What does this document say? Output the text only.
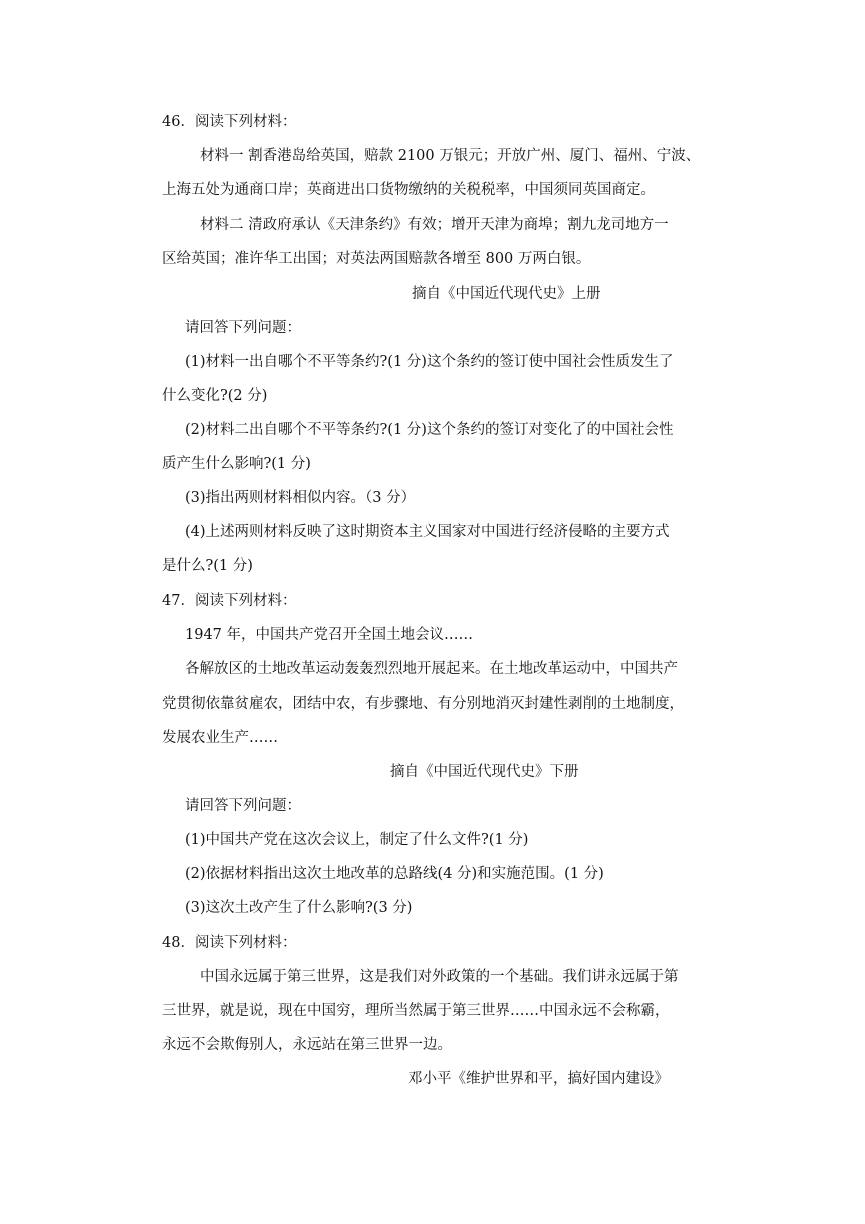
46．阅读下列材料：
材料一 割香港岛给英国，赔款 2100 万银元；开放广州、厦门、福州、宁波、
上海五处为通商口岸；英商进出口货物缴纳的关税税率，中国须同英国商定。
材料二 清政府承认《天津条约》有效；增开天津为商埠；割九龙司地方一
区给英国；准许华工出国；对英法两国赔款各增至 800 万两白银。
摘自《中国近代现代史》上册
请回答下列问题：
(1)材料一出自哪个不平等条约?(1 分)这个条约的签订使中国社会性质发生了
什么变化?(2 分)
(2)材料二出自哪个不平等条约?(1 分)这个条约的签订对变化了的中国社会性
质产生什么影响?(1 分)
(3)指出两则材料相似内容。（3 分）
(4)上述两则材料反映了这时期资本主义国家对中国进行经济侵略的主要方式
是什么?(1 分)
47．阅读下列材料：
1947 年，中国共产党召开全国土地会议……
各解放区的土地改革运动轰轰烈烈地开展起来。在土地改革运动中，中国共产
党贯彻依靠贫雇农，团结中农，有步骤地、有分别地消灭封建性剥削的土地制度，
发展农业生产……
摘自《中国近代现代史》下册
请回答下列问题：
(1)中国共产党在这次会议上，制定了什么文件?(1 分)
(2)依据材料指出这次土地改革的总路线(4 分)和实施范围。(1 分)
(3)这次土改产生了什么影响?(3 分)
48．阅读下列材料：
中国永远属于第三世界，这是我们对外政策的一个基础。我们讲永远属于第
三世界，就是说，现在中国穷，理所当然属于第三世界……中国永远不会称霸，
永远不会欺侮别人，永远站在第三世界一边。
邓小平《维护世界和平，搞好国内建设》
